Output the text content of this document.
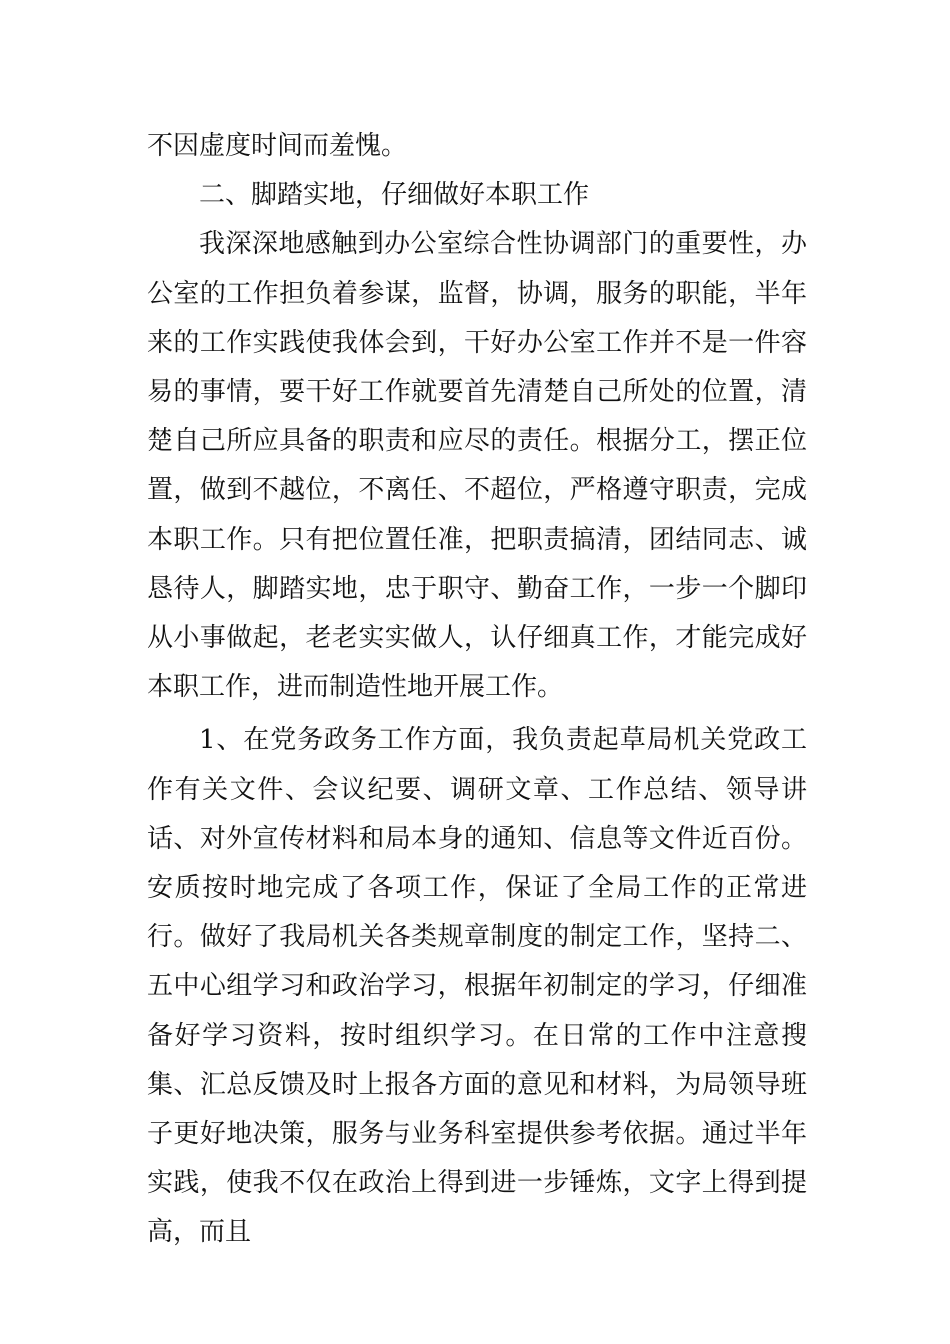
不因虚度时间而羞愧。

二、脚踏实地，仔细做好本职工作

我深深地感触到办公室综合性协调部门的重要性，办公室的工作担负着参谋，监督，协调，服务的职能，半年来的工作实践使我体会到，干好办公室工作并不是一件容易的事情，要干好工作就要首先清楚自己所处的位置，清楚自己所应具备的职责和应尽的责任。根据分工，摆正位置，做到不越位，不离任、不超位，严格遵守职责，完成本职工作。只有把位置任准，把职责搞清，团结同志、诚恳待人，脚踏实地，忠于职守、勤奋工作，一步一个脚印从小事做起，老老实实做人，认仔细真工作，才能完成好本职工作，进而制造性地开展工作。

1、在党务政务工作方面，我负责起草局机关党政工作有关文件、会议纪要、调研文章、工作总结、领导讲话、对外宣传材料和局本身的通知、信息等文件近百份。安质按时地完成了各项工作，保证了全局工作的正常进行。做好了我局机关各类规章制度的制定工作，坚持二、五中心组学习和政治学习，根据年初制定的学习，仔细准备好学习资料，按时组织学习。在日常的工作中注意搜集、汇总反馈及时上报各方面的意见和材料，为局领导班子更好地决策，服务与业务科室提供参考依据。通过半年实践，使我不仅在政治上得到进一步锤炼，文字上得到提高，而且
